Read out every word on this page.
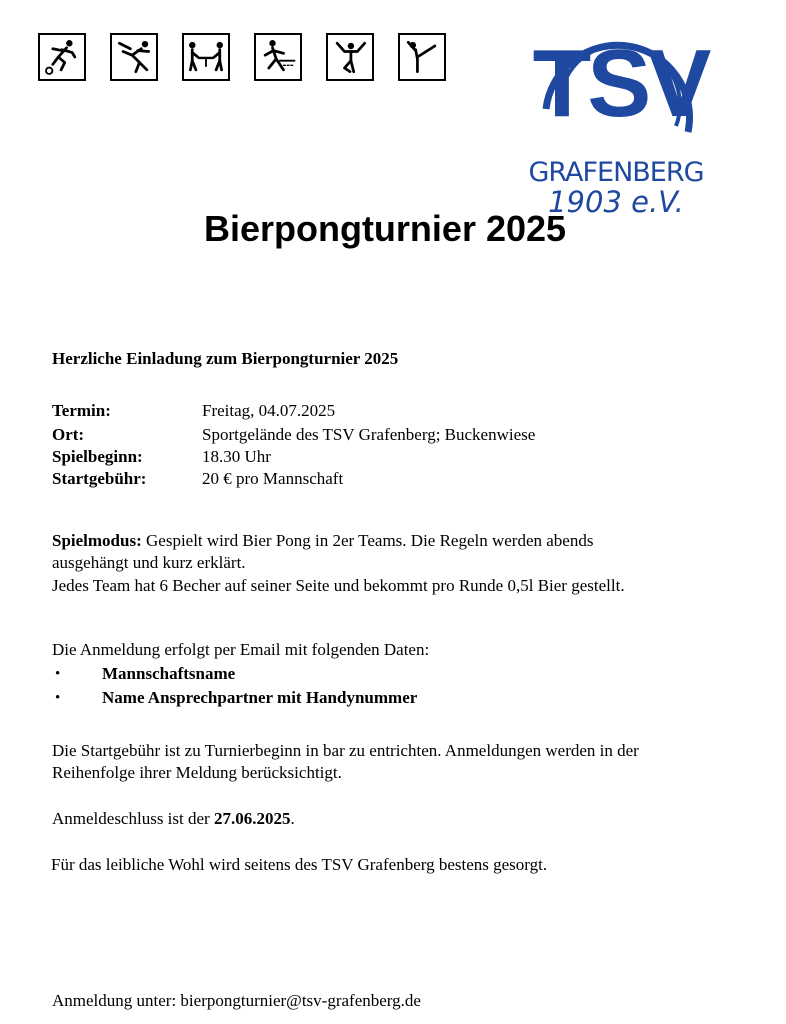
TSV
GRAFENBERG
1903 e.V.
Bierpongturnier 2025
Herzliche Einladung zum Bierpongturnier 2025
Termin:	Freitag, 04.07.2025
Ort:	Sportgelände des TSV Grafenberg; Buckenwiese
Spielbeginn:	18.30 Uhr
Startgebühr:	20 € pro Mannschaft
Spielmodus: Gespielt wird Bier Pong in 2er Teams. Die Regeln werden abends
ausgehängt und kurz erklärt.
Jedes Team hat 6 Becher auf seiner Seite und bekommt pro Runde 0,5l Bier gestellt.
Die Anmeldung erfolgt per Email mit folgenden Daten:
• Mannschaftsname
• Name Ansprechpartner mit Handynummer
Die Startgebühr ist zu Turnierbeginn in bar zu entrichten. Anmeldungen werden in der
Reihenfolge ihrer Meldung berücksichtigt.
Anmeldeschluss ist der 27.06.2025.
Für das leibliche Wohl wird seitens des TSV Grafenberg bestens gesorgt.
Anmeldung unter: bierpongturnier@tsv-grafenberg.de
